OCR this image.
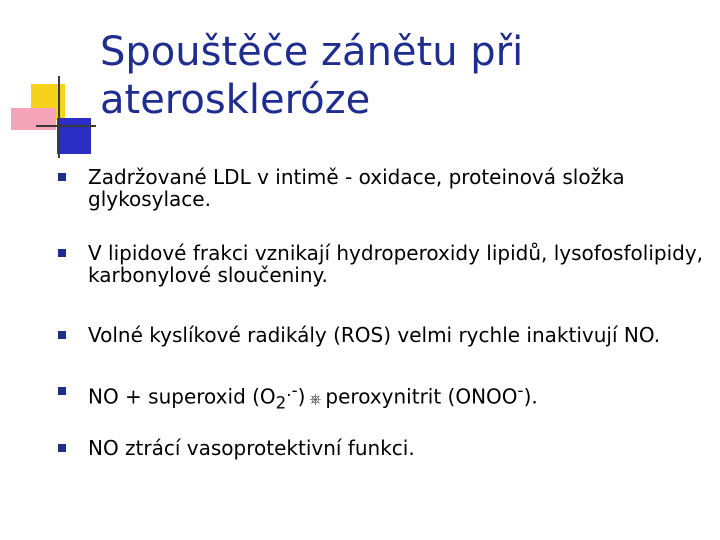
Spouštěče zánětu při
ateroskleróze
Zadržované LDL v intimě - oxidace, proteinová složka glykosylace.
V lipidové frakci vznikají hydroperoxidy lipidů, lysofosfolipidy, karbonylové sloučeniny.
Volné kyslíkové radikály (ROS) velmi rychle inaktivují NO.
NO + superoxid $(O_2^{.-})$ ⎈ peroxynitrit (ONOO-).
NO ztrácí vasoprotektivní funkci.
